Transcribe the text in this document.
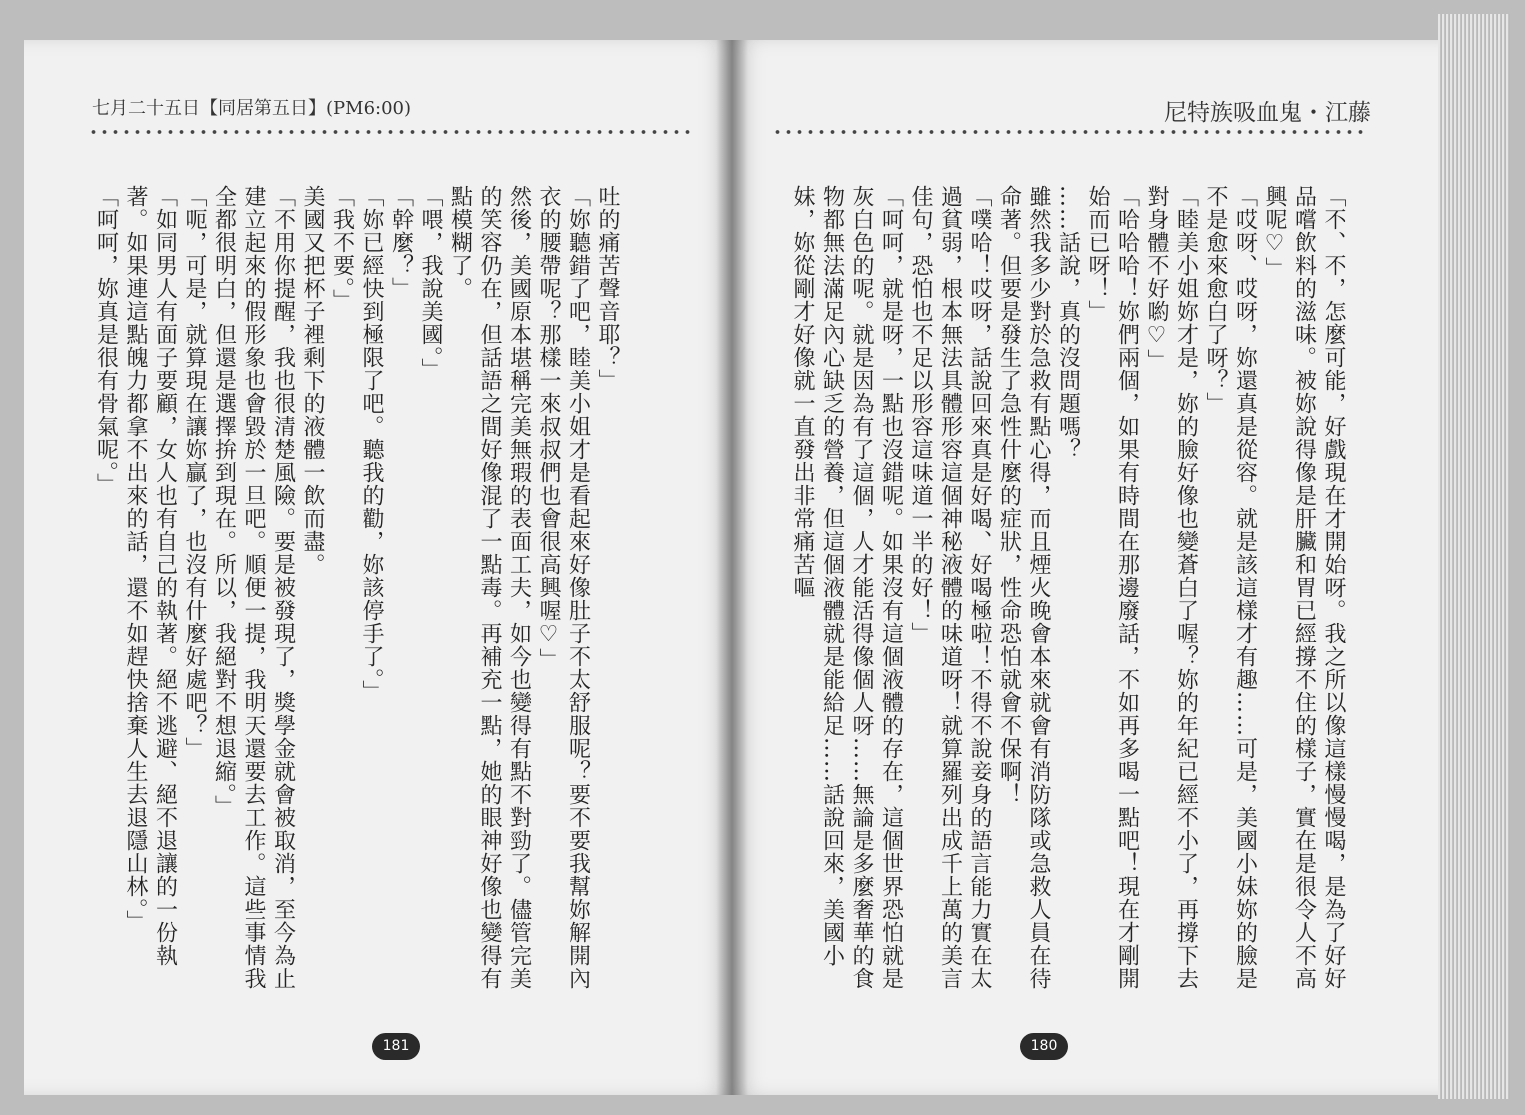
七月二十五日【同居第五日】(PM6:00)

吐的痛苦聲音耶？」

「妳聽錯了吧，睦美小姐才是看起來好像肚子不太舒服呢？要不要我幫妳解開內衣的腰帶呢？那樣一來叔叔們也會很高興喔♡」

然後，美國原本堪稱完美無瑕的表面工夫，如今也變得有點不對勁了。儘管完美的笑容仍在，但話語之間好像混了一點毒。再補充一點，她的眼神好像也變得有點模糊了。

「喂，我說美國。」

「幹麼？」

「妳已經快到極限了吧。聽我的勸，妳該停手了。」

「我不要。」

美國又把杯子裡剩下的液體一飲而盡。

「不用你提醒，我也很清楚風險。要是被發現了，獎學金就會被取消，至今為止建立起來的假形象也會毀於一旦吧。順便一提，我明天還要去工作。這些事情我全都很明白，但還是選擇拚到現在。所以，我絕對不想退縮。」

「呃，可是，就算現在讓妳贏了，也沒有什麼好處吧？」

「如同男人有面子要顧，女人也有自己的執著。絕不逃避、絕不退讓的一份執著。如果連這點魄力都拿不出來的話，還不如趕快捨棄人生去退隱山林。」

「呵呵，妳真是很有骨氣呢。」

181
尼特族吸血鬼・江藤

「不、不，怎麼可能，好戲現在才開始呀。我之所以像這樣慢慢喝，是為了好好品嚐飲料的滋味。被妳說得像是肝臟和胃已經撐不住的樣子，實在是很令人不高興呢♡」

「哎呀、哎呀，妳還真是從容。就是該這樣才有趣……可是，美國小妹妳的臉是不是愈來愈白了呀？」

「睦美小姐妳才是，妳的臉好像也變蒼白了喔？妳的年紀已經不小了，再撐下去對身體不好喲♡」

「哈哈哈！妳們兩個，如果有時間在那邊廢話，不如再多喝一點吧！現在才剛開始而已呀！」

……話說，真的沒問題嗎？

雖然我多少對於急救有點心得，而且煙火晚會本來就會有消防隊或急救人員在待命著。但要是發生了急性什麼的症狀，性命恐怕就會不保啊！

「噗哈！哎呀，話說回來真是好喝、好喝極啦！不得不說妾身的語言能力實在太過貧弱，根本無法具體形容這個神秘液體的味道呀！就算羅列出成千上萬的美言佳句，恐怕也不足以形容這味道一半的好！」

「呵呵，就是呀，一點也沒錯呢。如果沒有這個液體的存在，這個世界恐怕就是灰白色的呢。就是因為有了這個，人才能活得像個人呀……無論是多麼奢華的食物都無法滿足內心缺乏的營養，但這個液體就是能給足……話說回來，美國小妹，妳從剛才好像就一直發出非常痛苦嘔

180
